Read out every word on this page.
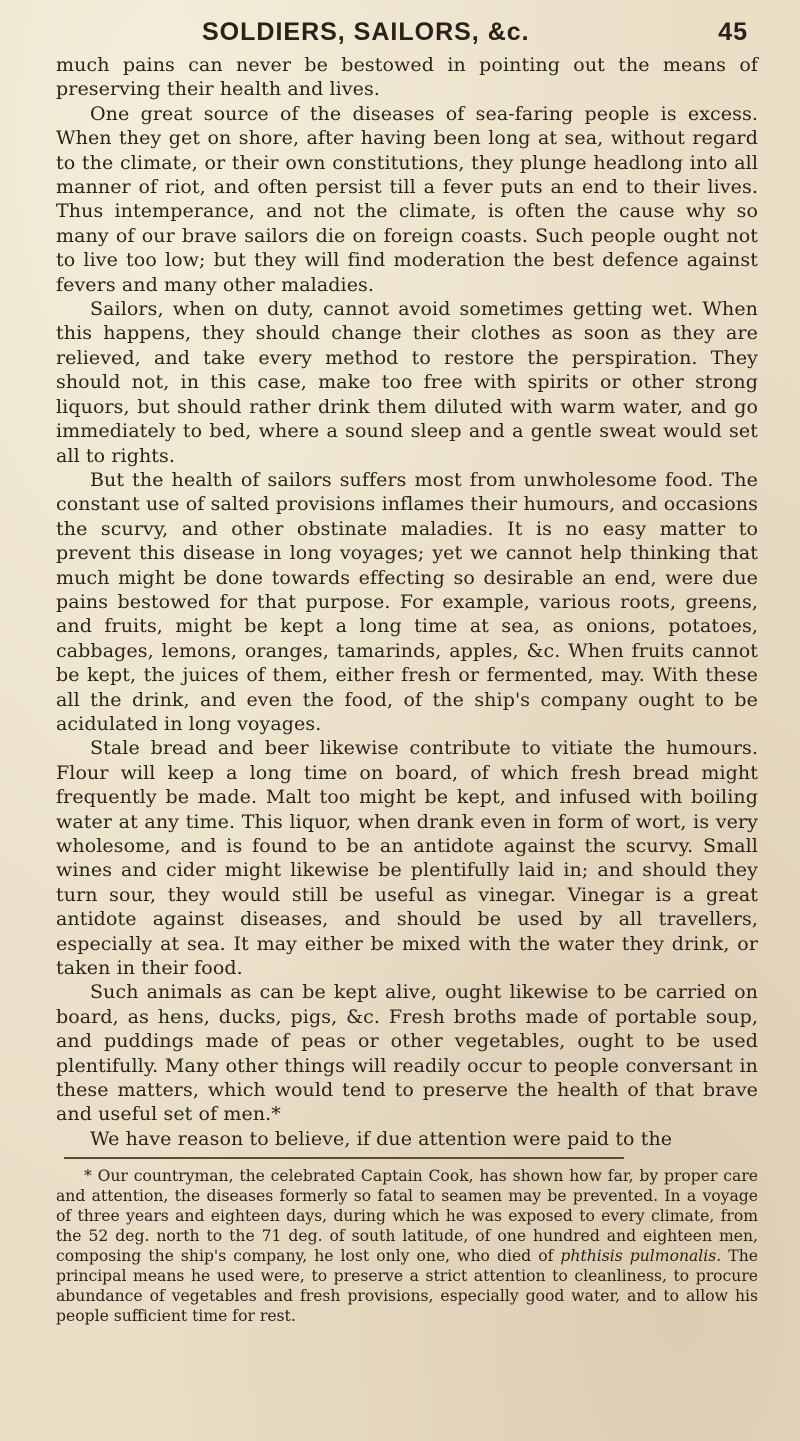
SOLDIERS, SAILORS, &c.	45

much pains can never be bestowed in pointing out the means of preserving their health and lives.

One great source of the diseases of sea-faring people is excess. When they get on shore, after having been long at sea, without regard to the climate, or their own constitutions, they plunge headlong into all manner of riot, and often persist till a fever puts an end to their lives. Thus intemperance, and not the climate, is often the cause why so many of our brave sailors die on foreign coasts. Such people ought not to live too low; but they will find moderation the best defence against fevers and many other maladies.

Sailors, when on duty, cannot avoid sometimes getting wet. When this happens, they should change their clothes as soon as they are relieved, and take every method to restore the perspiration. They should not, in this case, make too free with spirits or other strong liquors, but should rather drink them diluted with warm water, and go immediately to bed, where a sound sleep and a gentle sweat would set all to rights.

But the health of sailors suffers most from unwholesome food. The constant use of salted provisions inflames their humours, and occasions the scurvy, and other obstinate maladies. It is no easy matter to prevent this disease in long voyages; yet we cannot help thinking that much might be done towards effecting so desirable an end, were due pains bestowed for that purpose. For example, various roots, greens, and fruits, might be kept a long time at sea, as onions, potatoes, cabbages, lemons, oranges, tamarinds, apples, &c. When fruits cannot be kept, the juices of them, either fresh or fermented, may. With these all the drink, and even the food, of the ship's company ought to be acidulated in long voyages.

Stale bread and beer likewise contribute to vitiate the humours. Flour will keep a long time on board, of which fresh bread might frequently be made. Malt too might be kept, and infused with boiling water at any time. This liquor, when drank even in form of wort, is very wholesome, and is found to be an antidote against the scurvy. Small wines and cider might likewise be plentifully laid in; and should they turn sour, they would still be useful as vinegar. Vinegar is a great antidote against diseases, and should be used by all travellers, especially at sea. It may either be mixed with the water they drink, or taken in their food.

Such animals as can be kept alive, ought likewise to be carried on board, as hens, ducks, pigs, &c. Fresh broths made of portable soup, and puddings made of peas or other vegetables, ought to be used plentifully. Many other things will readily occur to people conversant in these matters, which would tend to preserve the health of that brave and useful set of men.*

We have reason to believe, if due attention were paid to the

* Our countryman, the celebrated Captain Cook, has shown how far, by proper care and attention, the diseases formerly so fatal to seamen may be prevented. In a voyage of three years and eighteen days, during which he was exposed to every climate, from the 52 deg. north to the 71 deg. of south latitude, of one hundred and eighteen men, composing the ship's company, he lost only one, who died of phthisis pulmonalis. The principal means he used were, to preserve a strict attention to cleanliness, to procure abundance of vegetables and fresh provisions, especially good water, and to allow his people sufficient time for rest.
